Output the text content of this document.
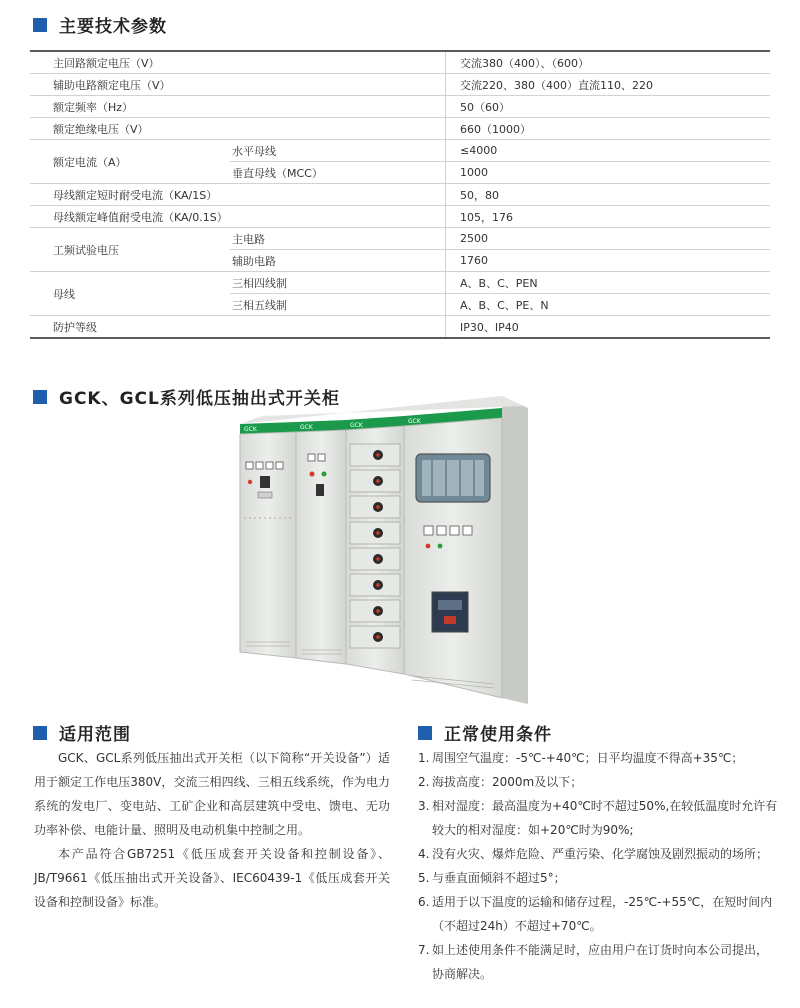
主要技术参数
主回路额定电压（V）		交流380（400）、（600）
辅助电路额定电压（V）		交流220、380（400）直流110、220
额定频率（Hz）		50（60）
额定绝缘电压（V）		660（1000）
额定电流（A）	水平母线	≤4000
	垂直母线（MCC）	1000
母线额定短时耐受电流（KA/1S）		50，80
母线额定峰值耐受电流（KA/0.1S）		105，176
工频试验电压	主电路	2500
	辅助电路	1760
母线	三相四线制	A、B、C、PEN
	三相五线制	A、B、C、PE、N
防护等级		IP30、IP40
GCK、GCL系列低压抽出式开关柜
GCK	GCK	GCK
GCK
适用范围

GCK、GCL系列低压抽出式开关柜（以下简称“开关设备”）适用于额定工作电压380V，交流三相四线、三相五线系统，作为电力系统的发电厂、变电站、工矿企业和高层建筑中受电、馈电、无功功率补偿、电能计量、照明及电动机集中控制之用。

本产品符合GB7251《低压成套开关设备和控制设备》、JB/T9661《低压抽出式开关设备》、IEC60439-1《低压成套开关设备和控制设备》标准。

正常使用条件
1. 周围空气温度：-5℃-+40℃；日平均温度不得高+35℃；
2. 海拔高度：2000m及以下；
3. 相对湿度：最高温度为+40℃时不超过50%,在较低温度时允许有较大的相对湿度：如+20℃时为90%;
4. 没有火灾、爆炸危险、严重污染、化学腐蚀及剧烈振动的场所；
5. 与垂直面倾斜不超过5°；
6. 适用于以下温度的运输和储存过程，-25℃-+55℃，在短时间内（不超过24h）不超过+70℃。
7. 如上述使用条件不能满足时，应由用户在订货时向本公司提出，协商解决。
